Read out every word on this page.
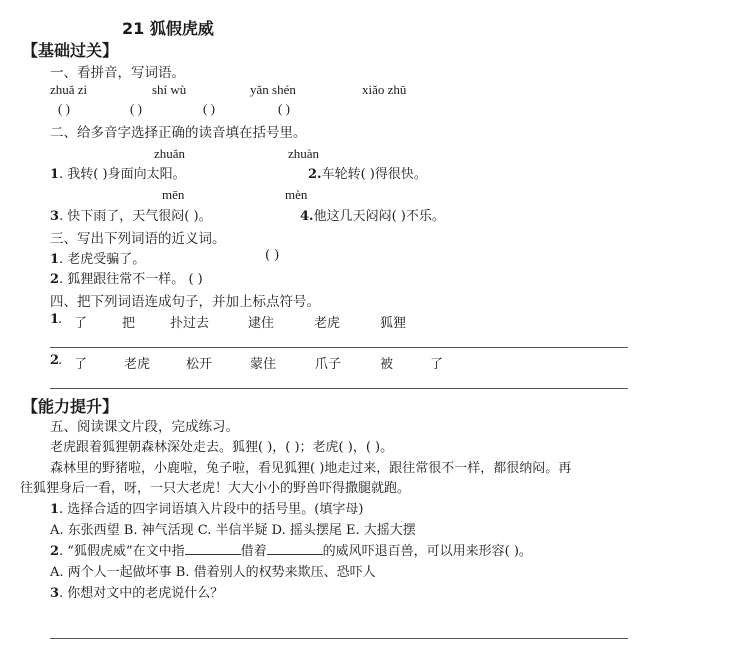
21 狐假虎威
【基础过关】
一、看拼音，写词语。
zhuǎ zi	shí wù	yǎn shén	xiǎo zhū
( )	( )	( )	( )
二、给多音字选择正确的读音填在括号里。
zhuǎn	zhuàn
1. 我转( )身面向太阳。	2.车轮转( )得很快。
mēn	mèn
3. 快下雨了，天气很闷( )。	4.他这几天闷闷( )不乐。
三、写出下列词语的近义词。
1. 老虎受骗了。	( )
2. 狐狸跟往常不一样。 ( )
四、把下列词语连成句子，并加上标点符号。
1
. 了	把	扑过去	逮住	老虎	狐狸
2
. 了	老虎	松开	蒙住	爪子	被	了
【能力提升】
五、阅读课文片段，完成练习。
老虎跟着狐狸朝森林深处走去。狐狸( )，( )；老虎( )，( )。
森林里的野猪啦，小鹿啦，兔子啦，看见狐狸( )地走过来，跟往常很不一样，都很纳闷。再
往狐狸身后一看，呀，一只大老虎！大大小小的野兽吓得撒腿就跑。
1. 选择合适的四字词语填入片段中的括号里。(填字母)
A. 东张西望 B. 神气活现 C. 半信半疑 D. 摇头摆尾 E. 大摇大摆
2. “狐假虎威”在文中指	借着	的威风吓退百兽，可以用来形容( )。
A. 两个人一起做坏事 B. 借着别人的权势来欺压、恐吓人
3. 你想对文中的老虎说什么？
